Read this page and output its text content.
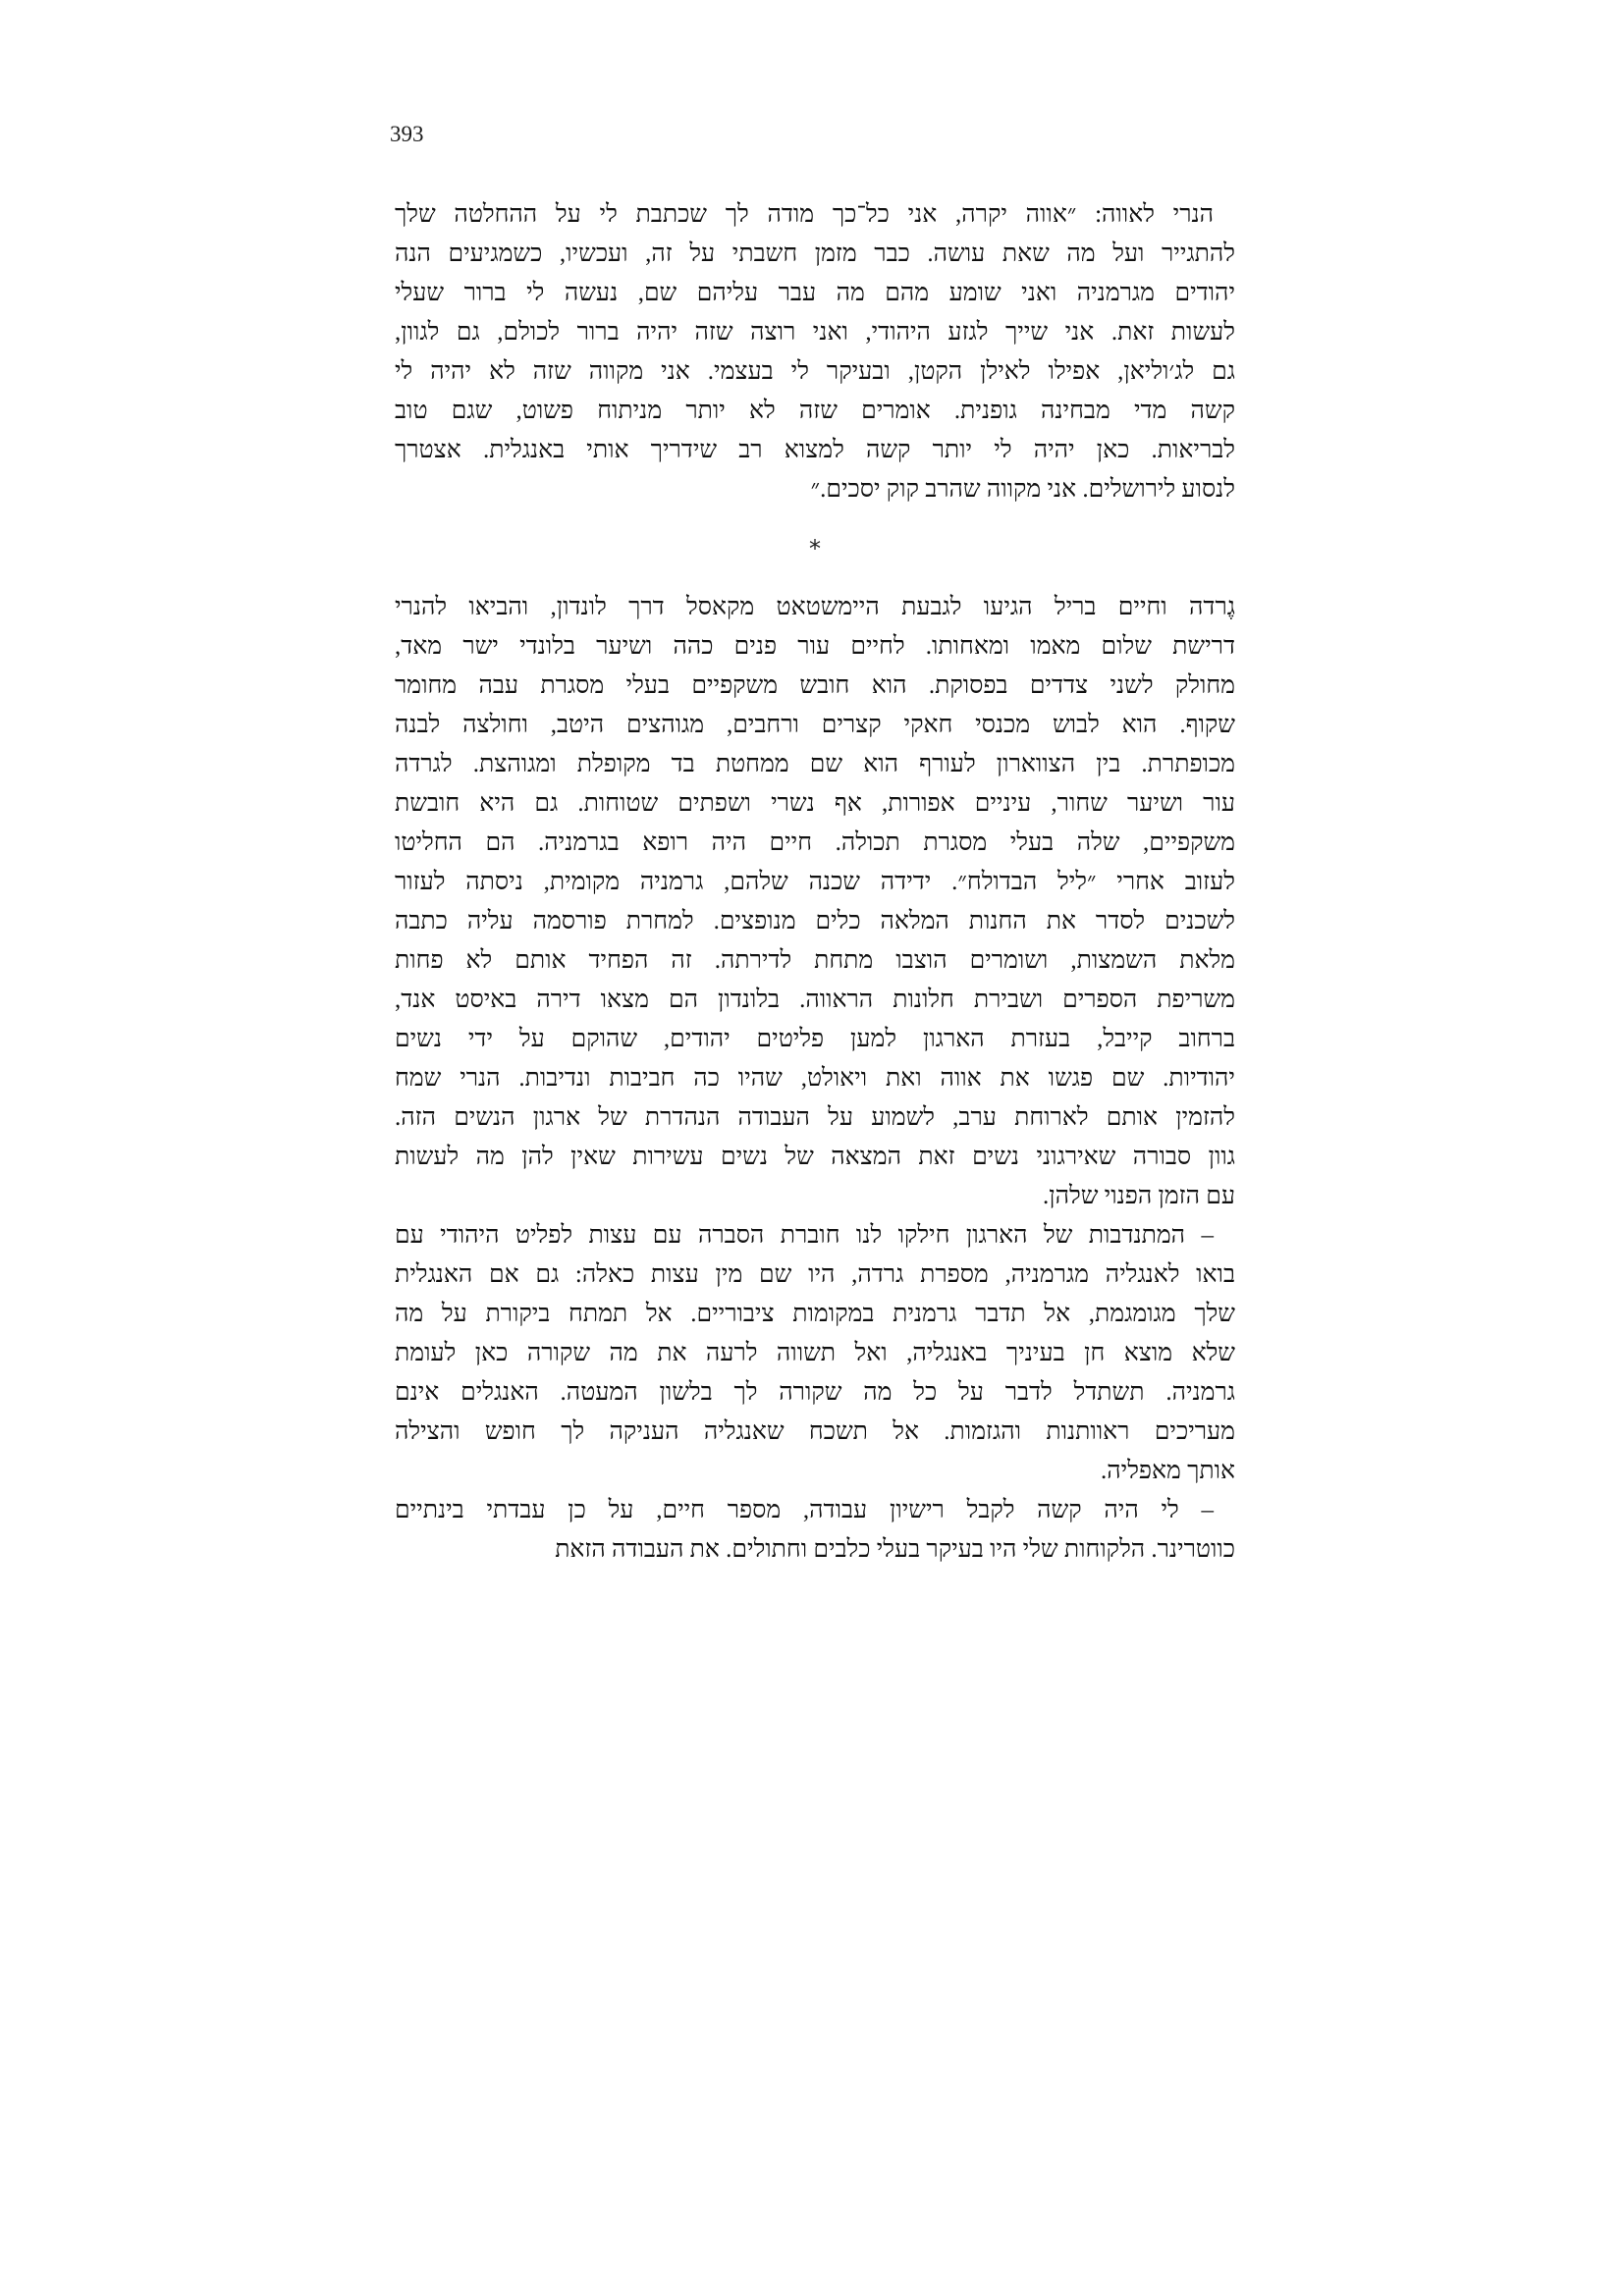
393
הנרי לאווה: ״אווה יקרה, אני כל־כך מודה לך שכתבת לי על ההחלטה שלך
להתגייר ועל מה שאת עושה. כבר מזמן חשבתי על זה, ועכשיו, כשמגיעים הנה
יהודים מגרמניה ואני שומע מהם מה עבר עליהם שם, נעשה לי ברור שעלי
לעשות זאת. אני שייך לגזע היהודי, ואני רוצה שזה יהיה ברור לכולם, גם לגוון,
גם לג׳וליאן, אפילו לאילן הקטן, ובעיקר לי בעצמי. אני מקווה שזה לא יהיה לי
קשה מדי מבחינה גופנית. אומרים שזה לא יותר מניתוח פשוט, שגם טוב
לבריאות. כאן יהיה לי יותר קשה למצוא רב שידריך אותי באנגלית. אצטרך
לנסוע לירושלים. אני מקווה שהרב קוק יסכים.״
*
גֶרדה וחיים בריל הגיעו לגבעת היימשטאט מקאסל דרך לונדון, והביאו להנרי
דרישת שלום מאמו ומאחותו. לחיים עור פנים כהה ושיער בלונדי ישר מאד,
מחולק לשני צדדים בפסוקת. הוא חובש משקפיים בעלי מסגרת עבה מחומר
שקוף. הוא לבוש מכנסי חאקי קצרים ורחבים, מגוהצים היטב, וחולצה לבנה
מכופתרת. בין הצווארון לעורף הוא שם ממחטת בד מקופלת ומגוהצת. לגרדה
עור ושיער שחור, עיניים אפורות, אף נשרי ושפתים שטוחות. גם היא חובשת
משקפיים, שלה בעלי מסגרת תכולה. חיים היה רופא בגרמניה. הם החליטו
לעזוב אחרי ״ליל הבדולח״. ידידה שכנה שלהם, גרמניה מקומית, ניסתה לעזור
לשכנים לסדר את החנות המלאה כלים מנופצים. למחרת פורסמה עליה כתבה
מלאת השמצות, ושומרים הוצבו מתחת לדירתה. זה הפחיד אותם לא פחות
משריפת הספרים ושבירת חלונות הראווה. בלונדון הם מצאו דירה באיסט אנד,
ברחוב קייבל, בעזרת הארגון למען פליטים יהודים, שהוקם על ידי נשים
יהודיות. שם פגשו את אווה ואת ויאולט, שהיו כה חביבות ונדיבות. הנרי שמח
להזמין אותם לארוחת ערב, לשמוע על העבודה הנהדרת של ארגון הנשים הזה.
גוון סבורה שאירגוני נשים זאת המצאה של נשים עשירות שאין להן מה לעשות
עם הזמן הפנוי שלהן.
– המתנדבות של הארגון חילקו לנו חוברת הסברה עם עצות לפליט היהודי עם
בואו לאנגליה מגרמניה, מספרת גרדה, היו שם מין עצות כאלה: גם אם האנגלית
שלך מגומגמת, אל תדבר גרמנית במקומות ציבוריים. אל תמתח ביקורת על מה
שלא מוצא חן בעיניך באנגליה, ואל תשווה לרעה את מה שקורה כאן לעומת
גרמניה. תשתדל לדבר על כל מה שקורה לך בלשון המעטה. האנגלים אינם
מעריכים ראוותנות והגזמות. אל תשכח שאנגליה העניקה לך חופש והצילה
אותך מאפליה.
– לי היה קשה לקבל רישיון עבודה, מספר חיים, על כן עבדתי בינתיים
כווטרינר. הלקוחות שלי היו בעיקר בעלי כלבים וחתולים. את העבודה הזאת
